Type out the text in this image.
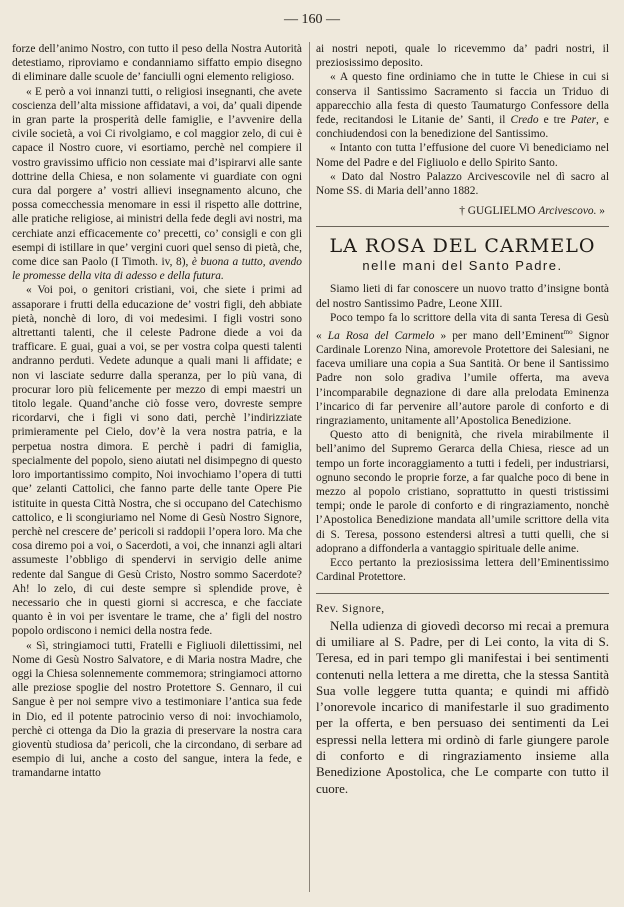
— 160 —

forze dell’animo Nostro, con tutto il peso della Nostra Autorità detestiamo, riproviamo e condanniamo siffatto empio disegno di eliminare dalle scuole de’ fanciulli ogni elemento religioso.

« E però a voi innanzi tutti, o religiosi insegnanti, che avete coscienza dell’alta missione affidatavi, a voi, da’ quali dipende in gran parte la prosperità delle famiglie, e l’avvenire della civile società, a voi Ci rivolgiamo, e col maggior zelo, di cui è capace il Nostro cuore, vi esortiamo, perchè nel compiere il vostro gravissimo ufficio non cessiate mai d’ispirarvi alle sante dottrine della Chiesa, e non solamente vi guardiate con ogni cura dal porgere a’ vostri allievi insegnamento alcuno, che possa comecchessia menomare in essi il rispetto alle dottrine, alle pratiche religiose, ai ministri della fede degli avi nostri, ma cerchiate anzi efficacemente co’ precetti, co’ consigli e con gli esempi di istillare in que’ vergini cuori quel senso di pietà, che, come dice san Paolo (I Timoth. iv, 8), è buona a tutto, avendo le promesse della vita di adesso e della futura.

« Voi poi, o genitori cristiani, voi, che siete i primi ad assaporare i frutti della educazione de’ vostri figli, deh abbiate pietà, nonchè di loro, di voi medesimi. I figli vostri sono altrettanti talenti, che il celeste Padrone diede a voi da trafficare. E guai, guai a voi, se per vostra colpa questi talenti andranno perduti. Vedete adunque a quali mani li affidate; e non vi lasciate sedurre dalla speranza, per lo più vana, di procurar loro più felicemente per mezzo di empi maestri un titolo legale. Quand’anche ciò fosse vero, dovreste sempre ricordarvi, che i figli vi sono dati, perchè l’indirizziate primieramente pel Cielo, dov’è la vera nostra patria, e la perpetua nostra dimora. E perchè i padri di famiglia, specialmente del popolo, sieno aiutati nel disimpegno di questo loro importantissimo compito, Noi invochiamo l’opera di tutti que’ zelanti Cattolici, che fanno parte delle tante Opere Pie istituite in questa Città Nostra, che si occupano del Catechismo cattolico, e li scongiuriamo nel Nome di Gesù Nostro Signore, perchè nel crescere de’ pericoli si raddopii l’opera loro. Ma che cosa diremo poi a voi, o Sacerdoti, a voi, che innanzi agli altari assumeste l’obbligo di spendervi in servigio delle anime redente dal Sangue di Gesù Cristo, Nostro sommo Sacerdote? Ah! lo zelo, di cui deste sempre sì splendide prove, è necessario che in questi giorni si accresca, e che facciate quanto è in voi per isventare le trame, che a’ figli del nostro popolo ordiscono i nemici della nostra fede.

« Sì, stringiamoci tutti, Fratelli e Figliuoli dilettissimi, nel Nome di Gesù Nostro Salvatore, e di Maria nostra Madre, che oggi la Chiesa solennemente commemora; stringiamoci attorno alle preziose spoglie del nostro Protettore S. Gennaro, il cui Sangue è per noi sempre vivo a testimoniare l’antica sua fede in Dio, ed il potente patrocinio verso di noi: invochiamolo, perchè ci ottenga da Dio la grazia di preservare la nostra cara gioventù studiosa da’ pericoli, che la circondano, di serbare ad esempio di lui, anche a costo del sangue, intera la fede, e tramandarne intatto

ai nostri nepoti, quale lo ricevemmo da’ padri nostri, il preziosissimo deposito.

« A questo fine ordiniamo che in tutte le Chiese in cui si conserva il Santissimo Sacramento si faccia un Triduo di apparecchio alla festa di questo Taumaturgo Confessore della fede, recitandosi le Litanie de’ Santi, il Credo e tre Pater, e conchiudendosi con la benedizione del Santissimo.

« Intanto con tutta l’effusione del cuore Vi benediciamo nel Nome del Padre e del Figliuolo e dello Spirito Santo.

« Dato dal Nostro Palazzo Arcivescovile nel dì sacro al Nome SS. di Maria dell’anno 1882.

† GUGLIELMO Arcivescovo. »
LA ROSA DEL CARMELO
nelle mani del Santo Padre.

Siamo lieti di far conoscere un nuovo tratto d’insigne bontà del nostro Santissimo Padre, Leone XIII.

Poco tempo fa lo scrittore della vita di santa Teresa di Gesù « La Rosa del Carmelo » per mano dell’Eminent$^{mo}$ Signor Cardinale Lorenzo Nina, amorevole Protettore dei Salesiani, ne faceva umiliare una copia a Sua Santità. Or bene il Santissimo Padre non solo gradiva l’umile offerta, ma aveva l’incomparabile degnazione di dare alla prelodata Eminenza l’incarico di far pervenire all’autore parole di conforto e di ringraziamento, unitamente all’Apostolica Benedizione.

Questo atto di benignità, che rivela mirabilmente il bell’animo del Supremo Gerarca della Chiesa, riesce ad un tempo un forte incoraggiamento a tutti i fedeli, per industriarsi, ognuno secondo le proprie forze, a far qualche poco di bene in mezzo al popolo cristiano, soprattutto in questi tristissimi tempi; onde le parole di conforto e di ringraziamento, nonchè l’Apostolica Benedizione mandata all’umile scrittore della vita di S. Teresa, possono estendersi altresì a tutti quelli, che si adoprano a diffonderla a vantaggio spirituale delle anime.

Ecco pertanto la preziosissima lettera dell’Eminentissimo Cardinal Protettore.

Rev. Signore,

Nella udienza di giovedì decorso mi recai a premura di umiliare al S. Padre, per di Lei conto, la vita di S. Teresa, ed in pari tempo gli manifestai i bei sentimenti contenuti nella lettera a me diretta, che la stessa Santità Sua volle leggere tutta quanta; e quindi mi affidò l’onorevole incarico di manifestarle il suo gradimento per la offerta, e ben persuaso dei sentimenti da Lei espressi nella lettera mi ordinò di farle giungere parole di conforto e di ringraziamento insieme alla Benedizione Apostolica, che Le comparte con tutto il cuore.
